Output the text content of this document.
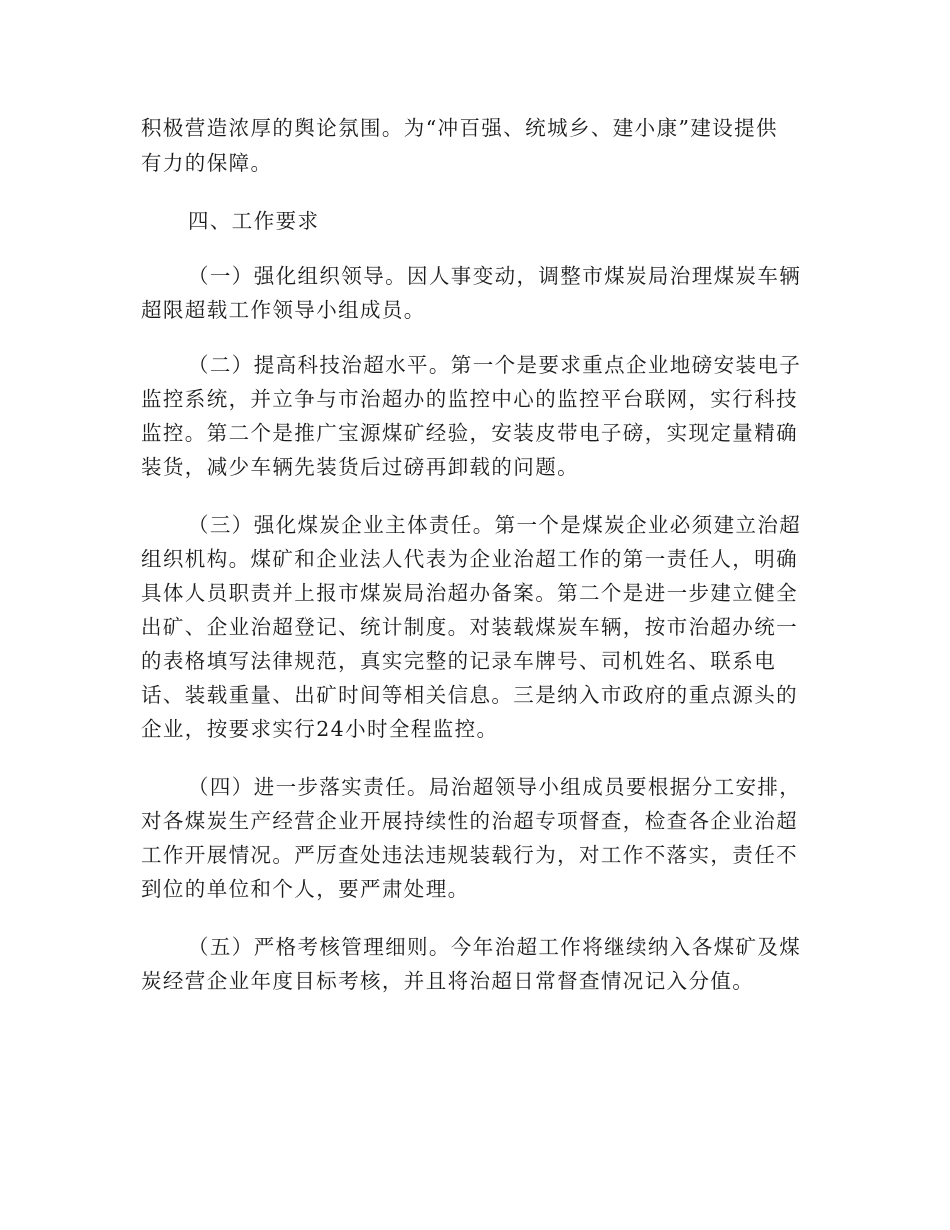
积极营造浓厚的舆论氛围。为“冲百强、统城乡、建小康”建设提供
有力的保障。
四、工作要求
（一）强化组织领导。因人事变动，调整市煤炭局治理煤炭车辆
超限超载工作领导小组成员。
（二）提高科技治超水平。第一个是要求重点企业地磅安装电子
监控系统，并立争与市治超办的监控中心的监控平台联网，实行科技
监控。第二个是推广宝源煤矿经验，安装皮带电子磅，实现定量精确
装货，减少车辆先装货后过磅再卸载的问题。
（三）强化煤炭企业主体责任。第一个是煤炭企业必须建立治超
组织机构。煤矿和企业法人代表为企业治超工作的第一责任人，明确
具体人员职责并上报市煤炭局治超办备案。第二个是进一步建立健全
出矿、企业治超登记、统计制度。对装载煤炭车辆，按市治超办统一
的表格填写法律规范，真实完整的记录车牌号、司机姓名、联系电
话、装载重量、出矿时间等相关信息。三是纳入市政府的重点源头的
企业，按要求实行24小时全程监控。
（四）进一步落实责任。局治超领导小组成员要根据分工安排，
对各煤炭生产经营企业开展持续性的治超专项督查，检查各企业治超
工作开展情况。严厉查处违法违规装载行为，对工作不落实，责任不
到位的单位和个人，要严肃处理。
（五）严格考核管理细则。今年治超工作将继续纳入各煤矿及煤
炭经营企业年度目标考核，并且将治超日常督查情况记入分值。
